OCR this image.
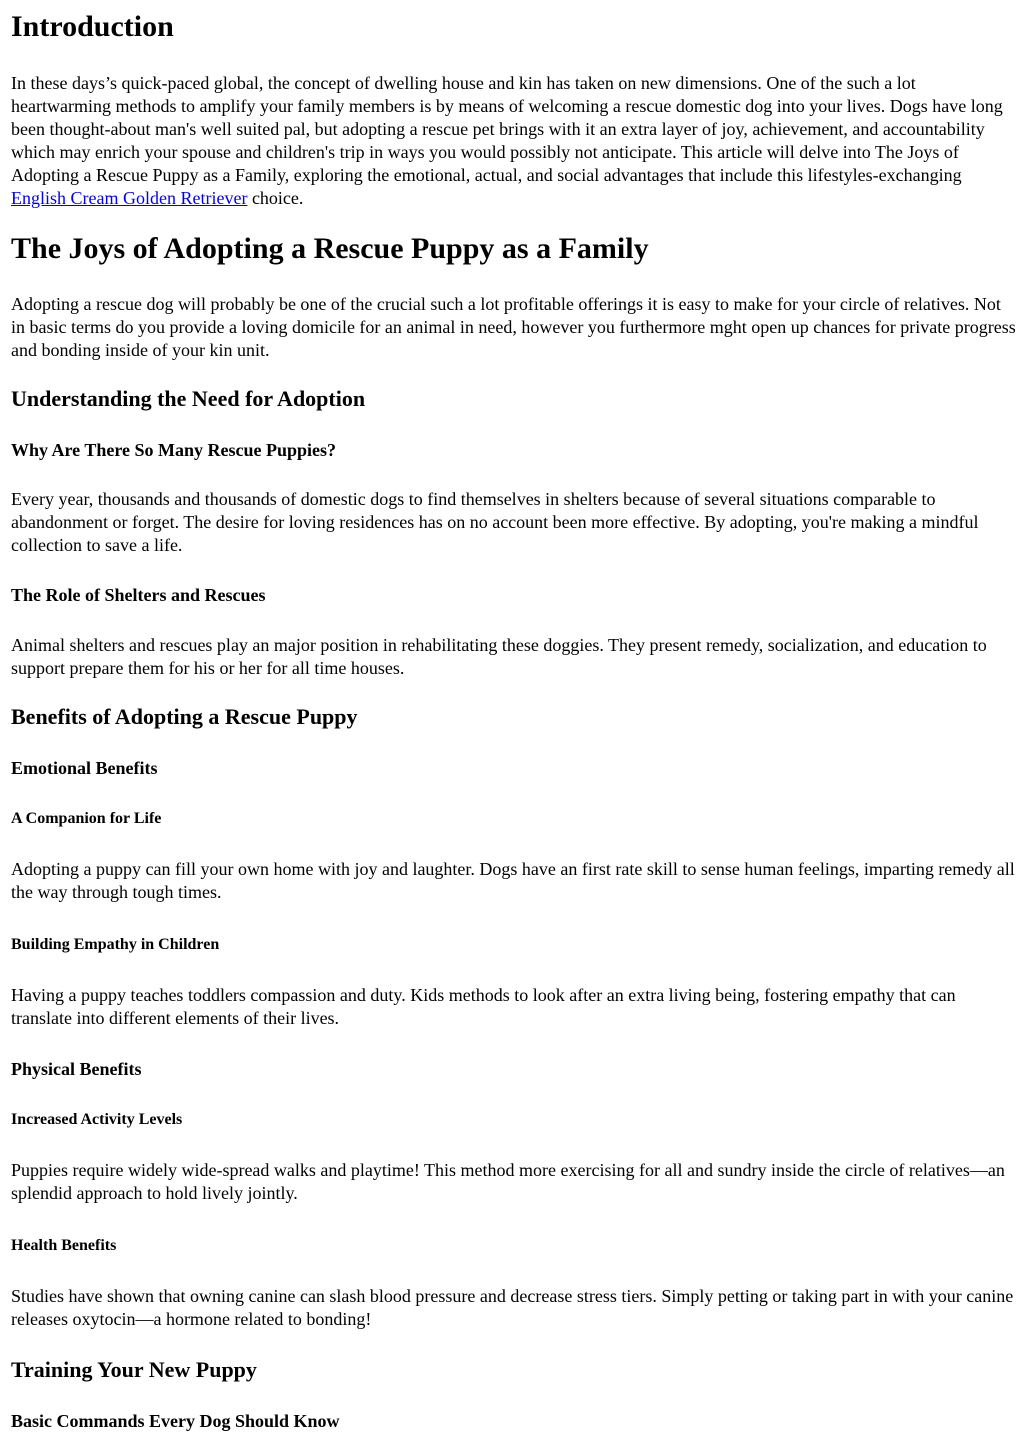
Introduction

In these days’s quick-paced global, the concept of dwelling house and kin has taken on new dimensions. One of the such a lot heartwarming methods to amplify your family members is by means of welcoming a rescue domestic dog into your lives. Dogs have long been thought-about man's well suited pal, but adopting a rescue pet brings with it an extra layer of joy, achievement, and accountability which may enrich your spouse and children's trip in ways you would possibly not anticipate. This article will delve into The Joys of Adopting a Rescue Puppy as a Family, exploring the emotional, actual, and social advantages that include this lifestyles-exchanging English Cream Golden Retriever choice.

The Joys of Adopting a Rescue Puppy as a Family

Adopting a rescue dog will probably be one of the crucial such a lot profitable offerings it is easy to make for your circle of relatives. Not in basic terms do you provide a loving domicile for an animal in need, however you furthermore mght open up chances for private progress and bonding inside of your kin unit.

Understanding the Need for Adoption
Why Are There So Many Rescue Puppies?

Every year, thousands and thousands of domestic dogs to find themselves in shelters because of several situations comparable to abandonment or forget. The desire for loving residences has on no account been more effective. By adopting, you're making a mindful collection to save a life.

The Role of Shelters and Rescues

Animal shelters and rescues play an major position in rehabilitating these doggies. They present remedy, socialization, and education to support prepare them for his or her for all time houses.

Benefits of Adopting a Rescue Puppy
Emotional Benefits
A Companion for Life

Adopting a puppy can fill your own home with joy and laughter. Dogs have an first rate skill to sense human feelings, imparting remedy all the way through tough times.

Building Empathy in Children

Having a puppy teaches toddlers compassion and duty. Kids methods to look after an extra living being, fostering empathy that can translate into different elements of their lives.

Physical Benefits
Increased Activity Levels

Puppies require widely wide-spread walks and playtime! This method more exercising for all and sundry inside the circle of relatives—an splendid approach to hold lively jointly.

Health Benefits

Studies have shown that owning canine can slash blood pressure and decrease stress tiers. Simply petting or taking part in with your canine releases oxytocin—a hormone related to bonding!

Training Your New Puppy
Basic Commands Every Dog Should Know
